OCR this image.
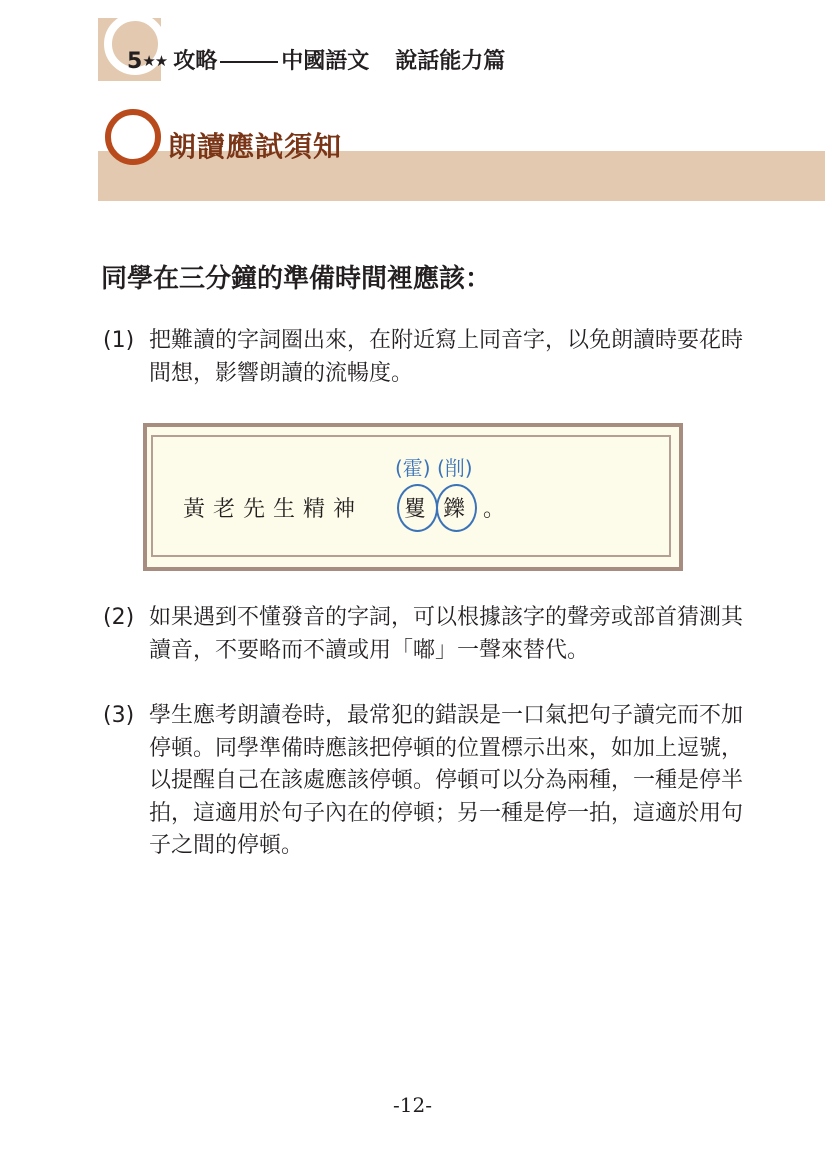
5★★ 攻略	中國語文 說話能力篇
朗讀應試須知
同學在三分鐘的準備時間裡應該：
(1) 把難讀的字詞圈出來，在附近寫上同音字，以免朗讀時要花時間想，影響朗讀的流暢度。
黃老先生精神 矍 鑠
(霍) (削)
。
(2) 如果遇到不懂發音的字詞，可以根據該字的聲旁或部首猜測其讀音，不要略而不讀或用「嘟」一聲來替代。
(3) 學生應考朗讀卷時，最常犯的錯誤是一口氣把句子讀完而不加停頓。同學準備時應該把停頓的位置標示出來，如加上逗號，以提醒自己在該處應該停頓。停頓可以分為兩種，一種是停半拍，這適用於句子內在的停頓；另一種是停一拍，這適於用句子之間的停頓。
-12-
